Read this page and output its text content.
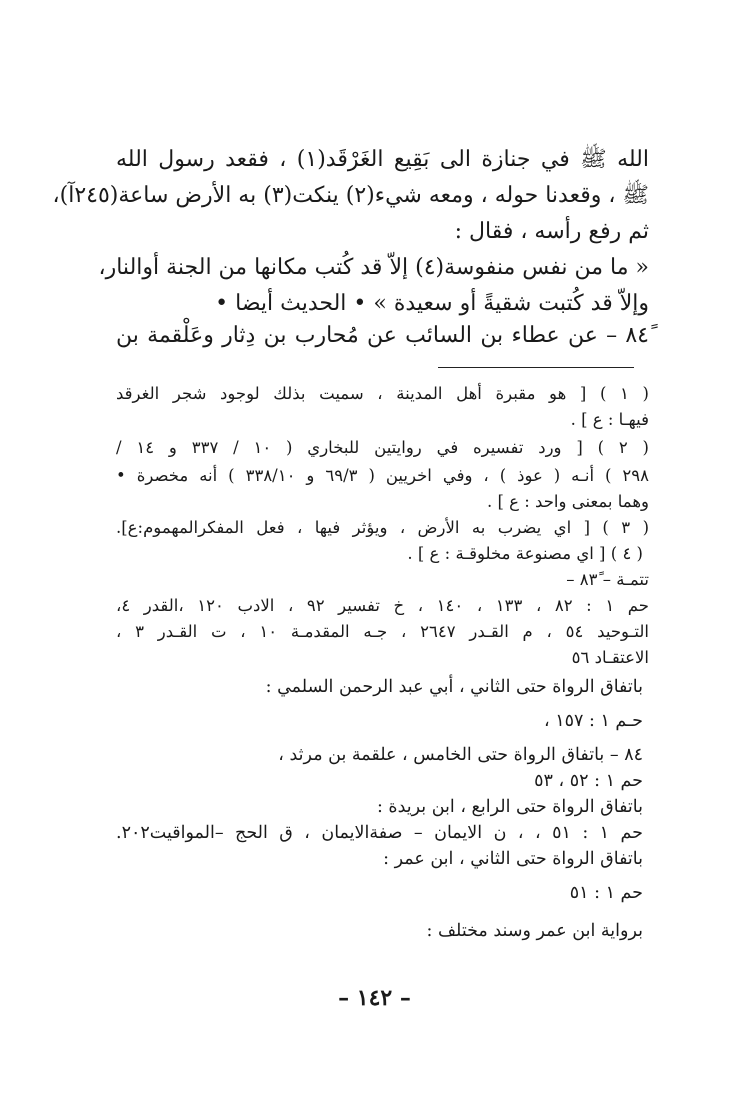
الله ﷺ في جنازة الى بَقِيع الغَرْقَد(١) ، فقعد رسول الله
ﷺ ، وقعدنا حوله ، ومعه شيء(٢) ينكت(٣) به الأرض ساعة(٢٤٥آ)،
ثم رفع رأسه ، فقال :
« ما من نفس منفوسة(٤) إلاّ قد كُتب مكانها من الجنة أوالنار،
وإلاّ قد كُتبت شقيةً أو سعيدة » • الحديث أيضا •
٨٤ً – عن عطاء بن السائب عن مُحارب بن دِثار وعَلْقمة بن
( ١ ) [ هو مقبرة أهل المدينة ، سميت بذلك لوجود شجر الغرقد
فيهـا : ع ] .
( ٢ ) [ ورد تفسيره في روايتين للبخاري ( ١٠ / ٣٣٧ و ١٤ /
٢٩٨ ) أنـه ( عوذ ) ، وفي اخريين ( ٦٩/٣ و ٣٣٨/١٠ ) أنه مخصرة •
وهما بمعنى واحد : ع ] .
( ٣ ) [ اي يضرب به الأرض ، ويؤثر فيها ، فعل المفكرالمهموم:ع].
( ٤ ) [ اي مصنوعة مخلوقـة : ع ] .
تتمـة – ٨٣ً –
حم ١ : ٨٢ ، ١٣٣ ، ١٤٠ ، خ تفسير ٩٢ ، الادب ١٢٠ ،القدر ٤،
التـوحيد ٥٤ ، م القـدر ٢٦٤٧ ، جـه المقدمـة ١٠ ، ت القـدر ٣ ،
الاعتقـاد ٥٦
باتفاق الرواة حتى الثاني ، أبي عبد الرحمن السلمي :
حـم ١ : ١٥٧ ،
٨٤ – باتفاق الرواة حتى الخامس ، علقمة بن مرثد ،
حم ١ : ٥٢ ، ٥٣
باتفاق الرواة حتى الرابع ، ابن بريدة :
حم ١ : ٥١ ، ، ن الايمان – صفةالايمان ، ق الحج –المواقيت٢٠٢.
باتفاق الرواة حتى الثاني ، ابن عمر :
حم ١ : ٥١
برواية ابن عمر وسند مختلف :
– ١٤٢ –
